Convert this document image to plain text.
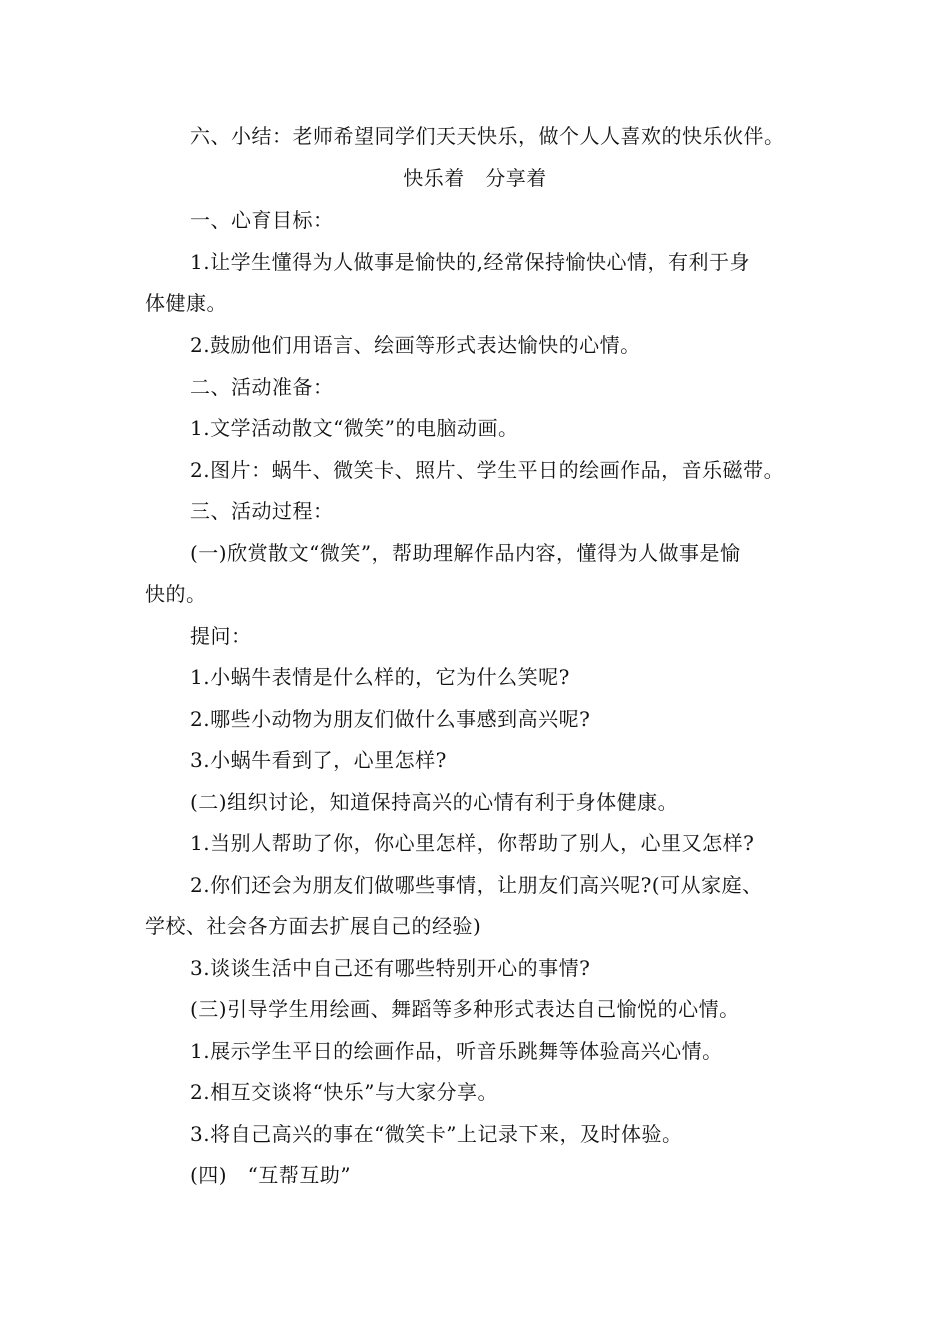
六、小结：老师希望同学们天天快乐，做个人人喜欢的快乐伙伴。
快乐着　分享着
一、心育目标：
1.让学生懂得为人做事是愉快的,经常保持愉快心情，有利于身
体健康。
2.鼓励他们用语言、绘画等形式表达愉快的心情。
二、活动准备：
1.文学活动散文“微笑”的电脑动画。
2.图片：蜗牛、微笑卡、照片、学生平日的绘画作品，音乐磁带。
三、活动过程：
(一)欣赏散文“微笑”，帮助理解作品内容，懂得为人做事是愉
快的。
提问：
1.小蜗牛表情是什么样的，它为什么笑呢?
2.哪些小动物为朋友们做什么事感到高兴呢?
3.小蜗牛看到了，心里怎样?
(二)组织讨论，知道保持高兴的心情有利于身体健康。
1.当别人帮助了你，你心里怎样，你帮助了别人，心里又怎样?
2.你们还会为朋友们做哪些事情，让朋友们高兴呢?(可从家庭、
学校、社会各方面去扩展自己的经验)
3.谈谈生活中自己还有哪些特别开心的事情?
(三)引导学生用绘画、舞蹈等多种形式表达自己愉悦的心情。
1.展示学生平日的绘画作品，听音乐跳舞等体验高兴心情。
2.相互交谈将“快乐”与大家分享。
3.将自己高兴的事在“微笑卡”上记录下来，及时体验。
(四)　“互帮互助”
